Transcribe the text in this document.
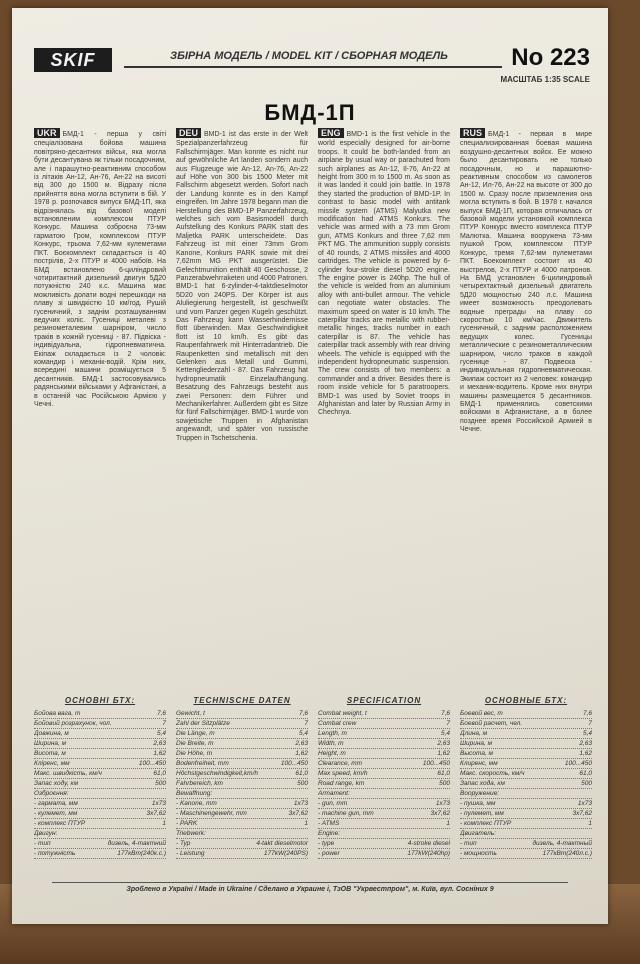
SKIF	ЗБІРНА МОДЕЛЬ / MODEL KIT / СБОРНАЯ МОДЕЛЬ	No 223
МАСШТАБ 1:35 SCALE
БМД-1П

UKR БМД-1 - перша у світі спеціалізована бойова машина повітряно-десантних військ, яка могла бути десантувана як тільки посадочним, але і парашутно-реактивним способом із літаків Ан-12, Ан-76, Ан-22 на висоті від 300 до 1500 м. Відразу після прийняття вона могла вступити в бій. У 1978 р. розпочався випуск БМД-1П, яка відрізнялась від базової моделі встановленим комплексом ПТУР Конкурс. Машина озброєна 73-мм гарматою Гром, комплексом ПТУР Конкурс, трьома 7,62-мм кулеметами ПКТ. Боєкомплект складається із 40 пострілів, 2-х ПТУР и 4000 набоїв. На БМД встановлено 6-циліндровий чотиритактний дизельний двигун 5Д20 потужністю 240 к.с. Машина має можливість долати водні перешкоди на плаву зі швидкістю 10 км/год. Рушій гусеничний, з заднім розташуванням ведучих коліс. Гусениці металеві з резинометалевим шарніром, число траків в кожній гусениці - 87. Підвіска - індивідуальна, гідропневматична. Екіпаж складається із 2 чоловік: командир і механік-водій. Крім них, всередині машини розміщується 5 десантників. БМД-1 застосовувались радянськими військами у Афганістані, а в останній час Російською Армією у Чечні.

DEU BMD-1 ist das erste in der Welt Spezialpanzerfahrzeug für Fallschirmjäger. Man konnte es nicht nur auf gewöhnliche Art landen sondern auch aus Flugzeuge wie An-12, An-76, An-22 auf Höhe von 300 bis 1500 Meter mit Fallschirm abgesetzt werden. Sofort nach der Landung konnte es in den Kampf eingreifen. Im Jahre 1978 begann man die Herstellung des BMD-1P Panzerfahrzeug, welches sich vom Basismodell durch Aufstellung des Konkurs PARK statt des Maljetka PARK unterscheidete. Das Fahrzeug ist mit einer 73mm Grom Kanone, Konkurs PARK sowie mit drei 7,62mm MG PKT ausgerüstet. Die Gefechtmunition enthält 40 Geschosse, 2 Panzerabwehrraketen und 4000 Patronen. BMD-1 hat 6-zylinder-4-taktdieselmotor 5D20 von 240PS. Der Körper ist aus Aluliegierung hergestellt, ist geschweißt und vom Panzer gegen Kugeln geschützt. Das Fahrzeug kann Wasserhindernisse flott überwinden. Max Geschwindigkeit flott ist 10 km/h. Es gibt das Raupenfahrwerk mit Hinterradantrieb. Die Raupenketten sind metallisch mit den Gelenken aus Metall und Gummi, Kettengliederzahl - 87. Das Fahrzeug hat hydropneumatik Einzelaufhängung. Besatzung des Fahrzeugs besteht aus zwei Personen: dem Führer und Mechanikerfahrer. Außerdem gibt es Sitze für fünf Fallschirmjäger. BMD-1 wurde von sowjetische Truppen in Afghanistan angewandt, und später von russische Truppen in Tschetschenia.

ENG BMD-1 is the first vehicle in the world especially designed for air-borne troops. It could be both-landed from an airplane by usual way or parachuted from such airplanes as An-12, Il-76, An-22 at height from 300 m to 1500 m. As soon as it was landed it could join battle. In 1978 they started the production of BMD-1P. In contrast to basic model with antitank missile system (ATMS) Malyutka new modification had ATMS Konkurs. The vehicle was armed with a 73 mm Grom gun, ATMS Konkurs and three 7,62 mm PKT MG. The ammunition supply consists of 40 rounds, 2 ATMS missiles and 4000 cartridges. The vehicle is powered by 6-cylinder four-stroke diesel 5D20 engine. The engine power is 240hp. The hull of the vehicle is welded from an aluminium alloy with anti-bullet armour. The vehicle can negotiate water obstacles. The maximum speed on water is 10 km/h. The caterpillar tracks are metallic with rubber-metallic hinges, tracks number in each caterpillar is 87. The vehicle has caterpillar track assembly with rear driving wheels. The vehicle is equipped with the independent hydropneumatic suspension. The crew consists of two members: a commander and a driver. Besides there is room inside vehicle for 5 paratroopers. BMD-1 was used by Soviet troops in Afghanistan and later by Russian Army in Chechnya.

RUS БМД-1 - первая в мире специализированная боевая машина воздушно-десантных войск. Ее можно было десантировать не только посадочным, но и парашютно-реактивным способом из самолетов Ан-12, Ил-76, Ан-22 на высоте от 300 до 1500 м. Сразу после приземления она могла вступить в бой. В 1978 г. начался выпуск БМД-1П, которая отличалась от базовой модели установкой комплекса ПТУР Конкурс вместо комплекса ПТУР Малютка. Машина вооружена 73-мм пушкой Гром, комплексом ПТУР Конкурс, тремя 7,62-мм пулеметами ПКТ. Боекомплект состоит из 40 выстрелов, 2-х ПТУР и 4000 патронов. На БМД установлен 6-цилиндровый четырехтактный дизельный двигатель 5Д20 мощностью 240 л.с. Машина имеет возможность преодолевать водные преграды на плаву со скоростью 10 км/час. Движитель гусеничный, с задним расположением ведущих колес. Гусеницы металлические с резинометаллическим шарниром, число траков в каждой гусенице - 87. Подвеска - индивидуальная гидропневматическая. Экипаж состоит из 2 человек: командир и механик-водитель. Кроме них внутри машины размещается 5 десантников. БМД-1 применялись советскими войсками в Афганистане, а в более позднее время Российской Армией в Чечне.

ОСНОВНІ БТХ:
Бойова вага, т	7,6
Бойовий розрахунок, чол.	7
Довжина, м	5,4
Ширина, м	2,63
Висота, м	1,62
Кліренс, мм	100...450
Макс. швидкість, км/ч	61,0
Запас ходу, км	500
Озброєння:
- гармата, мм	1х73
- кулемет, мм	3х7,62
- комплекс ПТУР	1
Двигун:
- тип	дизель, 4-тактний
- потужність	177кВт(240к.с.)
TECHNISCHE DATEN
Gewicht, t	7,6
Zahl der Sitzplätze	7
Die Länge, m	5,4
Die Breite, m	2,63
Die Höhe, m	1,62
Bodenfreiheit, mm	100...450
Höchstgeschwindigkeit,km/h	61,0
Fahrbereich, km	500
Bewaffnung:
- Kanone, mm	1х73
- Maschinengewehr, mm	3х7,62
- PARK	1
Triebwerk:
- Typ	4-takt dieselmotor
- Leistung	177kW(240PS)
SPECIFICATION
Combat weight, t	7,6
Combat crew	7
Length, m	5,4
Width, m	2,63
Height, m	1,62
Clearance, mm	100...450
Max speed, km/h	61,0
Road range, km	500
Armament:
- gun, mm	1х73
- machine gun, mm	3х7,62
- ATMS	1
Engine:
- type	4-stroke diesel
- power	177kW(240hp)
ОСНОВНЫЕ БТХ:
Боевой вес, т	7,6
Боевой расчет, чел.	7
Длина, м	5,4
Ширина, м	2,63
Высота, м	1,62
Клиренс, мм	100...450
Макс. скорость, км/ч	61,0
Запас хода, км	500
Вооружение:
- пушка, мм	1х73
- пулемет, мм	3х7,62
- комплекс ПТУР	1
Двигатель:
- тип	дизель, 4-тактный
- мощность	177кВт(240л.с.)
Зроблено в Україні / Made in Ukraine / Сделано в Украине і, ТзОВ "Укрвестпром", м. Київ, вул. Сосніних 9
